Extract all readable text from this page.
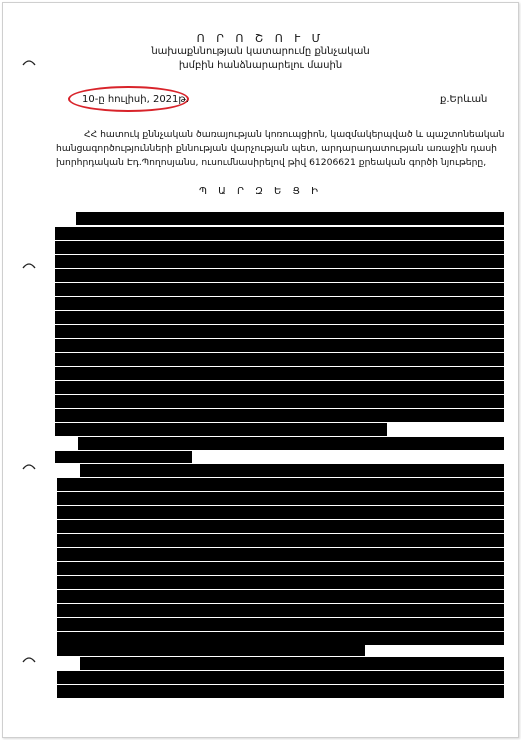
Ո Ր Ո Շ Ո Ւ Մ
նախաքննության կատարումը քննչական
խմբին հանձնարարելու մասին
10-ը հուլիսի, 2021թ.	ք.Երևան
ՀՀ հատուկ քննչական ծառայության կոռուպցիոն, կազմակերպված և պաշտոնեական
հանցագործությունների քննության վարչության պետ, արդարադատության առաջին դասի
խորհրդական Էդ.Պողոսյանս, ուսումնասիրելով թիվ 61206621 քրեական գործի նյութերը,
Պ Ա Ր Զ Ե Ց Ի
